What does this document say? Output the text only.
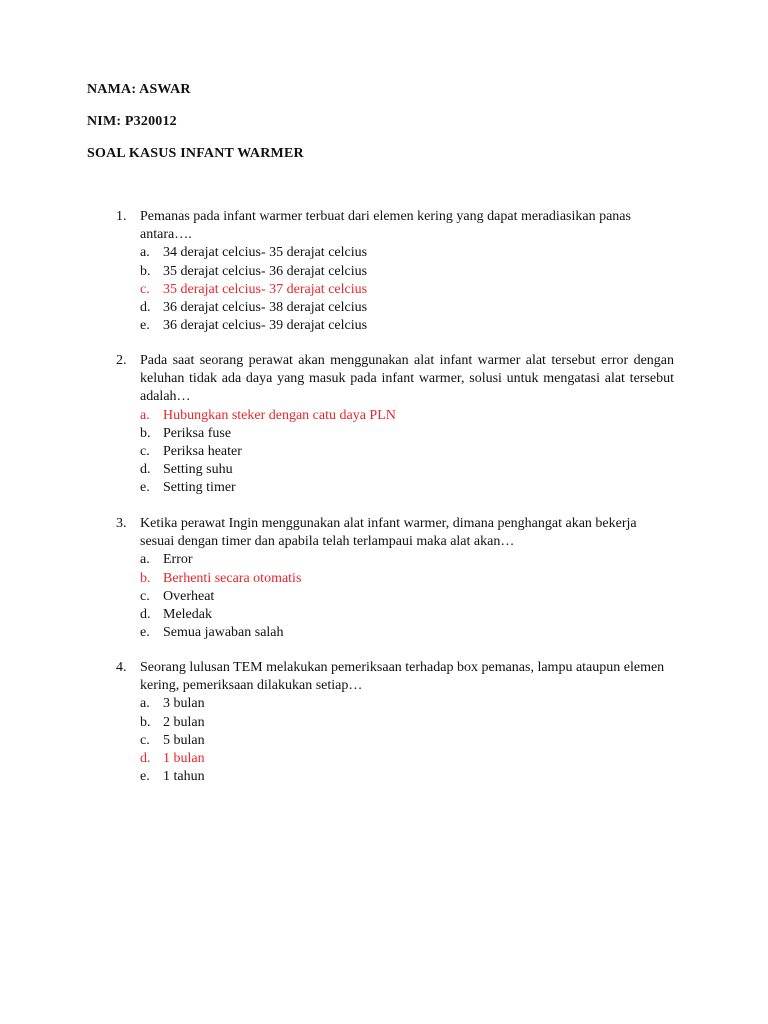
NAMA: ASWAR
NIM: P320012
SOAL KASUS INFANT WARMER
1. Pemanas pada infant warmer terbuat dari elemen kering yang dapat meradiasikan panas antara….
a. 34 derajat celcius- 35 derajat celcius
b. 35 derajat celcius- 36 derajat celcius
c. 35 derajat celcius- 37 derajat celcius
d. 36 derajat celcius- 38 derajat celcius
e. 36 derajat celcius- 39 derajat celcius
2. Pada saat seorang perawat akan menggunakan alat infant warmer alat tersebut error dengan keluhan tidak ada daya yang masuk pada infant warmer, solusi untuk mengatasi alat tersebut adalah…
a. Hubungkan steker dengan catu daya PLN
b. Periksa fuse
c. Periksa heater
d. Setting suhu
e. Setting timer
3. Ketika perawat Ingin menggunakan alat infant warmer, dimana penghangat akan bekerja sesuai dengan timer dan apabila telah terlampaui maka alat akan…
a. Error
b. Berhenti secara otomatis
c. Overheat
d. Meledak
e. Semua jawaban salah
4. Seorang lulusan TEM melakukan pemeriksaan terhadap box pemanas, lampu ataupun elemen kering, pemeriksaan dilakukan setiap…
a. 3 bulan
b. 2 bulan
c. 5 bulan
d. 1 bulan
e. 1 tahun
